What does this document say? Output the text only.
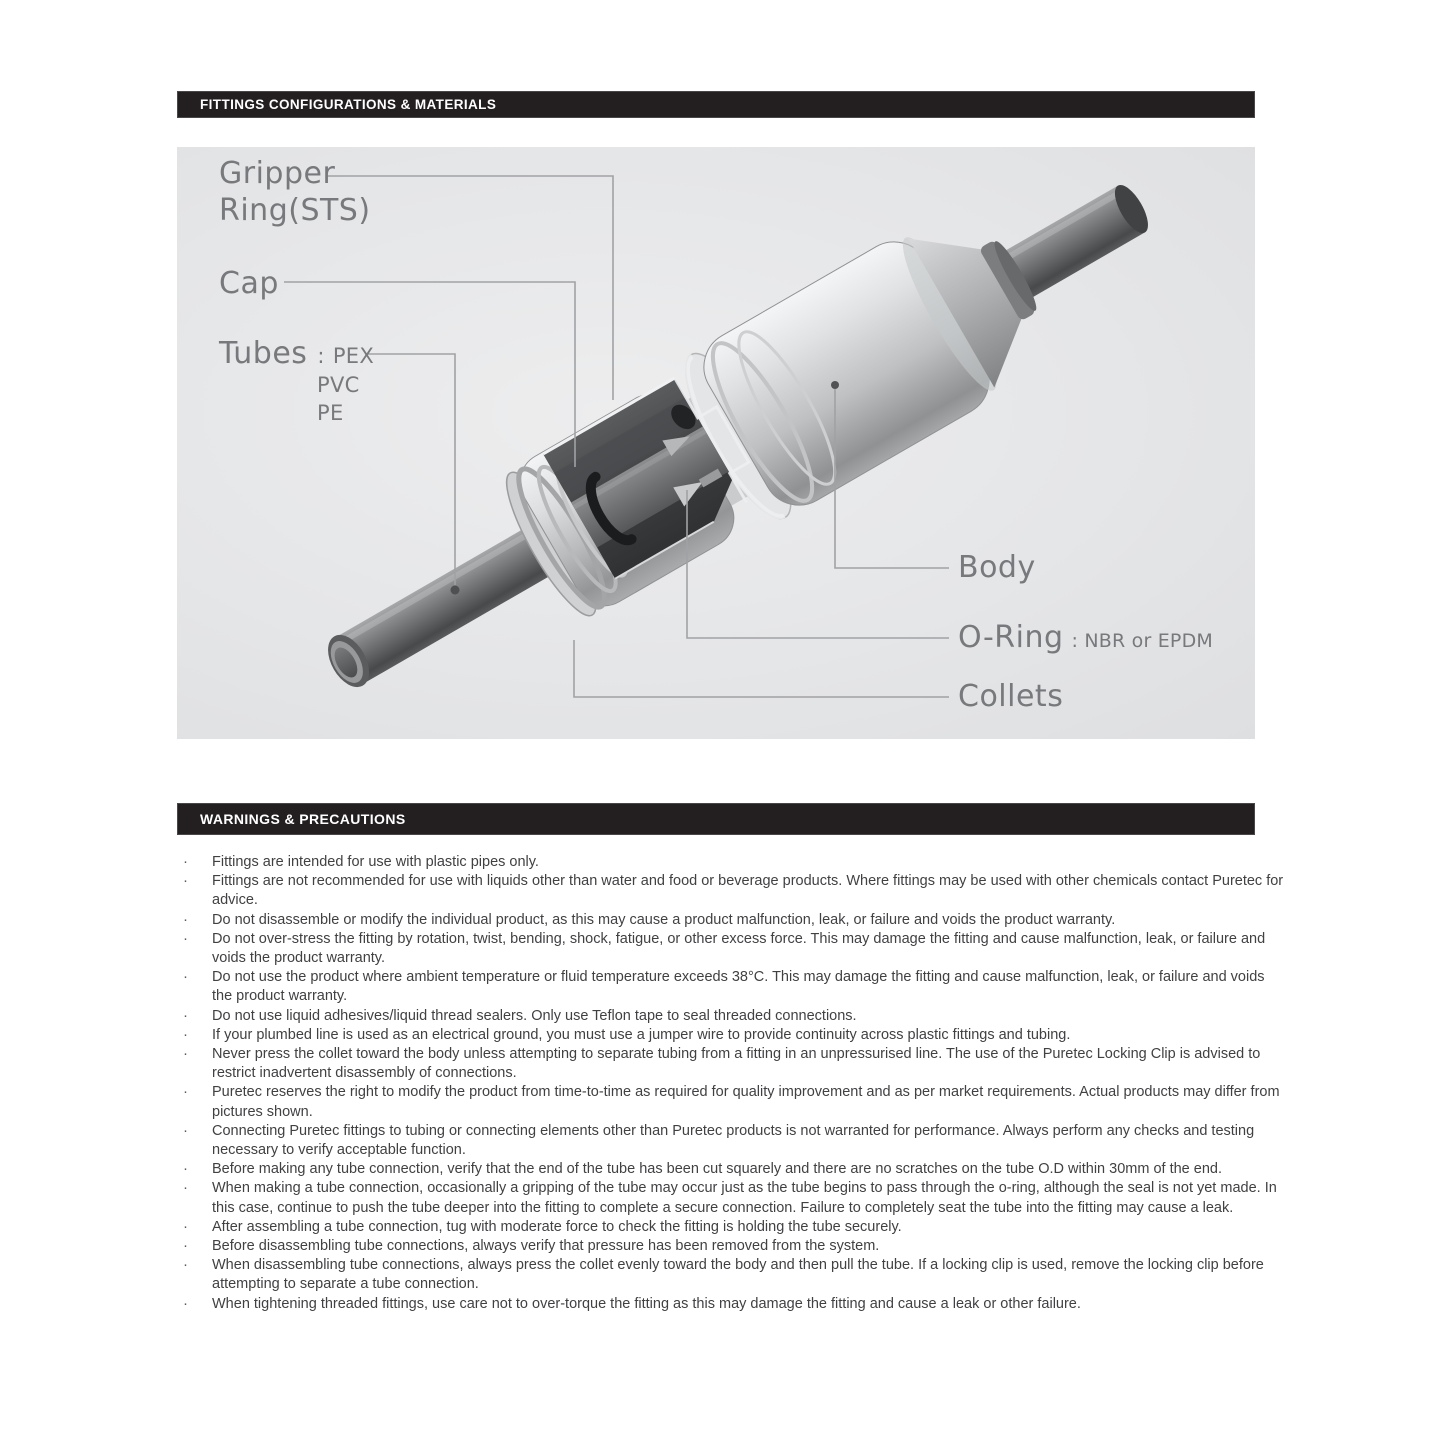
FITTINGS CONFIGURATIONS & MATERIALS
Gripper
Ring(STS)
Cap
Tubes : PEX
PVC
PE
Body
O-Ring : NBR or EPDM
Collets
WARNINGS & PRECAUTIONS
· Fittings are intended for use with plastic pipes only.
· Fittings are not recommended for use with liquids other than water and food or beverage products. Where fittings may be used with other chemicals contact Puretec for advice.
· Do not disassemble or modify the individual product, as this may cause a product malfunction, leak, or failure and voids the product warranty.
· Do not over-stress the fitting by rotation, twist, bending, shock, fatigue, or other excess force. This may damage the fitting and cause malfunction, leak, or failure and voids the product warranty.
· Do not use the product where ambient temperature or fluid temperature exceeds 38°C. This may damage the fitting and cause malfunction, leak, or failure and voids the product warranty.
· Do not use liquid adhesives/liquid thread sealers. Only use Teflon tape to seal threaded connections.
· If your plumbed line is used as an electrical ground, you must use a jumper wire to provide continuity across plastic fittings and tubing.
· Never press the collet toward the body unless attempting to separate tubing from a fitting in an unpressurised line. The use of the Puretec Locking Clip is advised to restrict inadvertent disassembly of connections.
· Puretec reserves the right to modify the product from time-to-time as required for quality improvement and as per market requirements. Actual products may differ from pictures shown.
· Connecting Puretec fittings to tubing or connecting elements other than Puretec products is not warranted for performance. Always perform any checks and testing necessary to verify acceptable function.
· Before making any tube connection, verify that the end of the tube has been cut squarely and there are no scratches on the tube O.D within 30mm of the end.
· When making a tube connection, occasionally a gripping of the tube may occur just as the tube begins to pass through the o-ring, although the seal is not yet made. In this case, continue to push the tube deeper into the fitting to complete a secure connection. Failure to completely seat the tube into the fitting may cause a leak.
· After assembling a tube connection, tug with moderate force to check the fitting is holding the tube securely.
· Before disassembling tube connections, always verify that pressure has been removed from the system.
· When disassembling tube connections, always press the collet evenly toward the body and then pull the tube. If a locking clip is used, remove the locking clip before attempting to separate a tube connection.
· When tightening threaded fittings, use care not to over-torque the fitting as this may damage the fitting and cause a leak or other failure.
